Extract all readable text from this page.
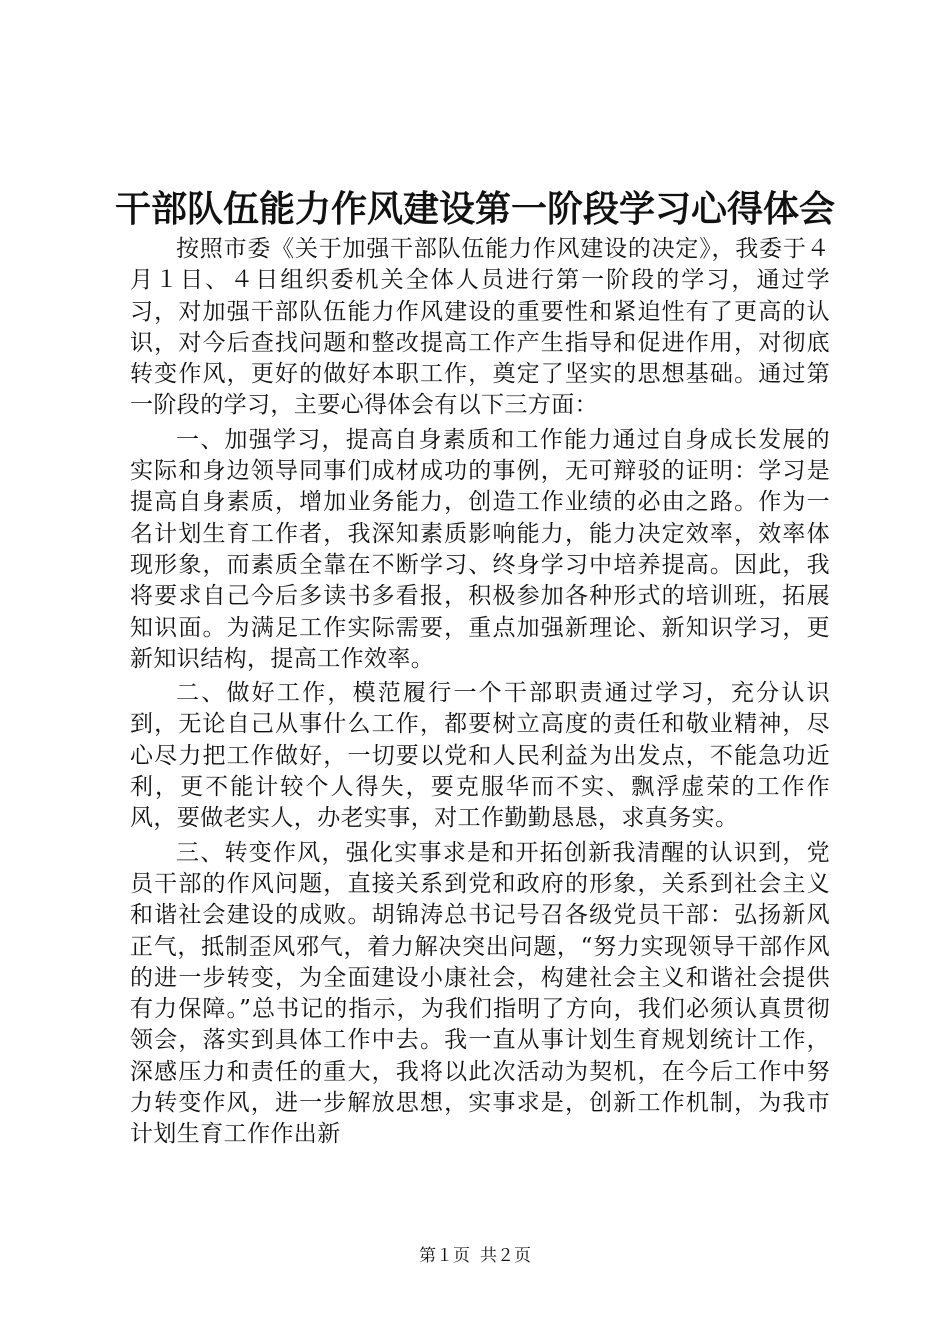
干部队伍能力作风建设第一阶段学习心得体会

按照市委《关于加强干部队伍能力作风建设的决定》，我委于４月１日、４日组织委机关全体人员进行第一阶段的学习，通过学习，对加强干部队伍能力作风建设的重要性和紧迫性有了更高的认识，对今后查找问题和整改提高工作产生指导和促进作用，对彻底转变作风，更好的做好本职工作，奠定了坚实的思想基础。通过第一阶段的学习，主要心得体会有以下三方面：

一、加强学习，提高自身素质和工作能力通过自身成长发展的实际和身边领导同事们成材成功的事例，无可辩驳的证明：学习是提高自身素质，增加业务能力，创造工作业绩的必由之路。作为一名计划生育工作者，我深知素质影响能力，能力决定效率，效率体现形象，而素质全靠在不断学习、终身学习中培养提高。因此，我将要求自己今后多读书多看报，积极参加各种形式的培训班，拓展知识面。为满足工作实际需要，重点加强新理论、新知识学习，更新知识结构，提高工作效率。

二、做好工作，模范履行一个干部职责通过学习，充分认识到，无论自己从事什么工作，都要树立高度的责任和敬业精神，尽心尽力把工作做好，一切要以党和人民利益为出发点，不能急功近利，更不能计较个人得失，要克服华而不实、飘浮虚荣的工作作风，要做老实人，办老实事，对工作勤勤恳恳，求真务实。

三、转变作风，强化实事求是和开拓创新我清醒的认识到，党员干部的作风问题，直接关系到党和政府的形象，关系到社会主义和谐社会建设的成败。胡锦涛总书记号召各级党员干部：弘扬新风正气，抵制歪风邪气，着力解决突出问题，“努力实现领导干部作风的进一步转变，为全面建设小康社会，构建社会主义和谐社会提供有力保障。”总书记的指示，为我们指明了方向，我们必须认真贯彻领会，落实到具体工作中去。我一直从事计划生育规划统计工作，深感压力和责任的重大，我将以此次活动为契机，在今后工作中努力转变作风，进一步解放思想，实事求是，创新工作机制，为我市计划生育工作作出新

第１页 共２页
